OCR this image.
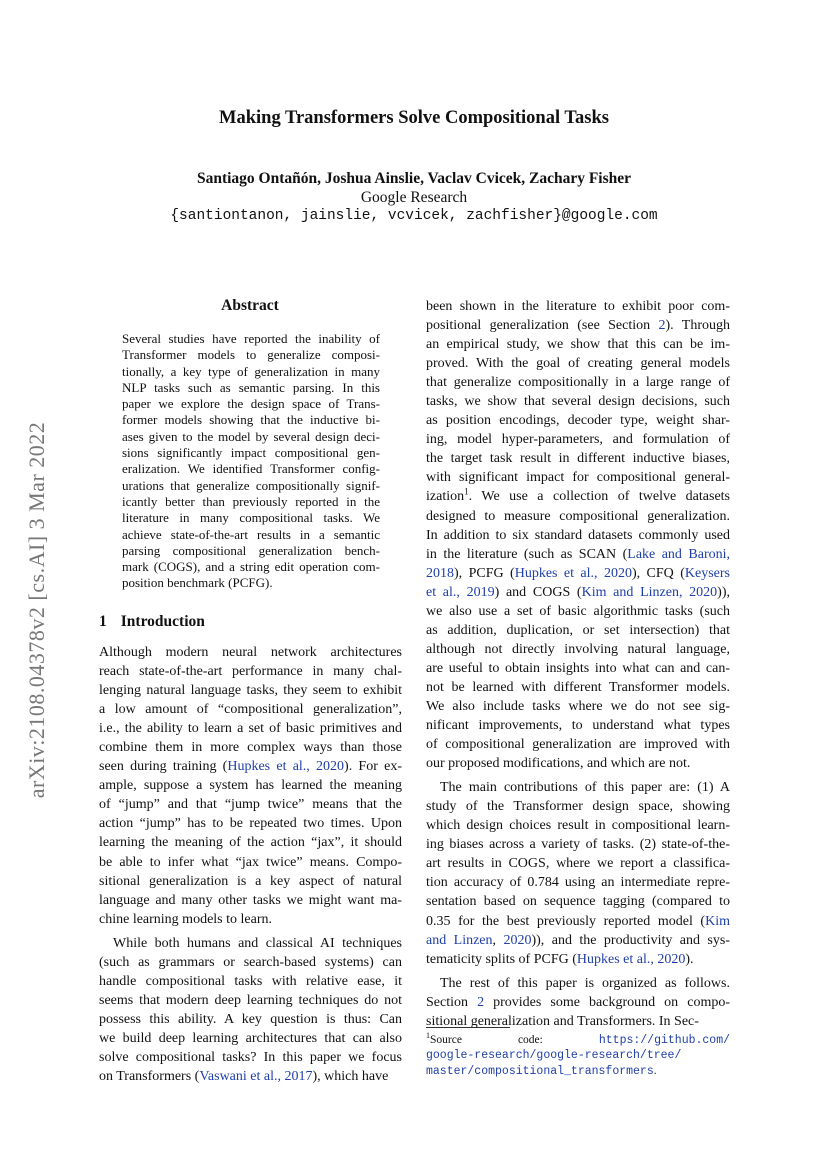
Making Transformers Solve Compositional Tasks
Santiago Ontañón, Joshua Ainslie, Vaclav Cvicek, Zachary Fisher
Google Research
{santiontanon, jainslie, vcvicek, zachfisher}@google.com
arXiv:2108.04378v2 [cs.AI] 3 Mar 2022
Abstract
Several studies have reported the inability of
Transformer models to generalize composi-
tionally, a key type of generalization in many
NLP tasks such as semantic parsing. In this
paper we explore the design space of Trans-
former models showing that the inductive bi-
ases given to the model by several design deci-
sions significantly impact compositional gen-
eralization. We identified Transformer config-
urations that generalize compositionally signif-
icantly better than previously reported in the
literature in many compositional tasks. We
achieve state-of-the-art results in a semantic
parsing compositional generalization bench-
mark (COGS), and a string edit operation com-
position benchmark (PCFG).
1 Introduction
Although modern neural network architectures
reach state-of-the-art performance in many chal-
lenging natural language tasks, they seem to exhibit
a low amount of “compositional generalization”,
i.e., the ability to learn a set of basic primitives and
combine them in more complex ways than those
seen during training (Hupkes et al., 2020). For ex-
ample, suppose a system has learned the meaning
of “jump” and that “jump twice” means that the
action “jump” has to be repeated two times. Upon
learning the meaning of the action “jax”, it should
be able to infer what “jax twice” means. Compo-
sitional generalization is a key aspect of natural
language and many other tasks we might want ma-
chine learning models to learn.
While both humans and classical AI techniques
(such as grammars or search-based systems) can
handle compositional tasks with relative ease, it
seems that modern deep learning techniques do not
possess this ability. A key question is thus: Can
we build deep learning architectures that can also
solve compositional tasks? In this paper we focus
on Transformers (Vaswani et al., 2017), which have
been shown in the literature to exhibit poor com-
positional generalization (see Section 2). Through
an empirical study, we show that this can be im-
proved. With the goal of creating general models
that generalize compositionally in a large range of
tasks, we show that several design decisions, such
as position encodings, decoder type, weight shar-
ing, model hyper-parameters, and formulation of
the target task result in different inductive biases,
with significant impact for compositional general-
ization$^1$. We use a collection of twelve datasets
designed to measure compositional generalization.
In addition to six standard datasets commonly used
in the literature (such as SCAN (Lake and Baroni,
2018), PCFG (Hupkes et al., 2020), CFQ (Keysers
et al., 2019) and COGS (Kim and Linzen, 2020)),
we also use a set of basic algorithmic tasks (such
as addition, duplication, or set intersection) that
although not directly involving natural language,
are useful to obtain insights into what can and can-
not be learned with different Transformer models.
We also include tasks where we do not see sig-
nificant improvements, to understand what types
of compositional generalization are improved with
our proposed modifications, and which are not.
The main contributions of this paper are: (1) A
study of the Transformer design space, showing
which design choices result in compositional learn-
ing biases across a variety of tasks. (2) state-of-the-
art results in COGS, where we report a classifica-
tion accuracy of 0.784 using an intermediate repre-
sentation based on sequence tagging (compared to
0.35 for the best previously reported model (Kim
and Linzen, 2020)), and the productivity and sys-
tematicity splits of PCFG (Hupkes et al., 2020).
The rest of this paper is organized as follows.
Section 2 provides some background on compo-
sitional generalization and Transformers. In Sec-
$^1$Source	code:	https://github.com/
google-research/google-research/tree/
master/compositional_transformers.
